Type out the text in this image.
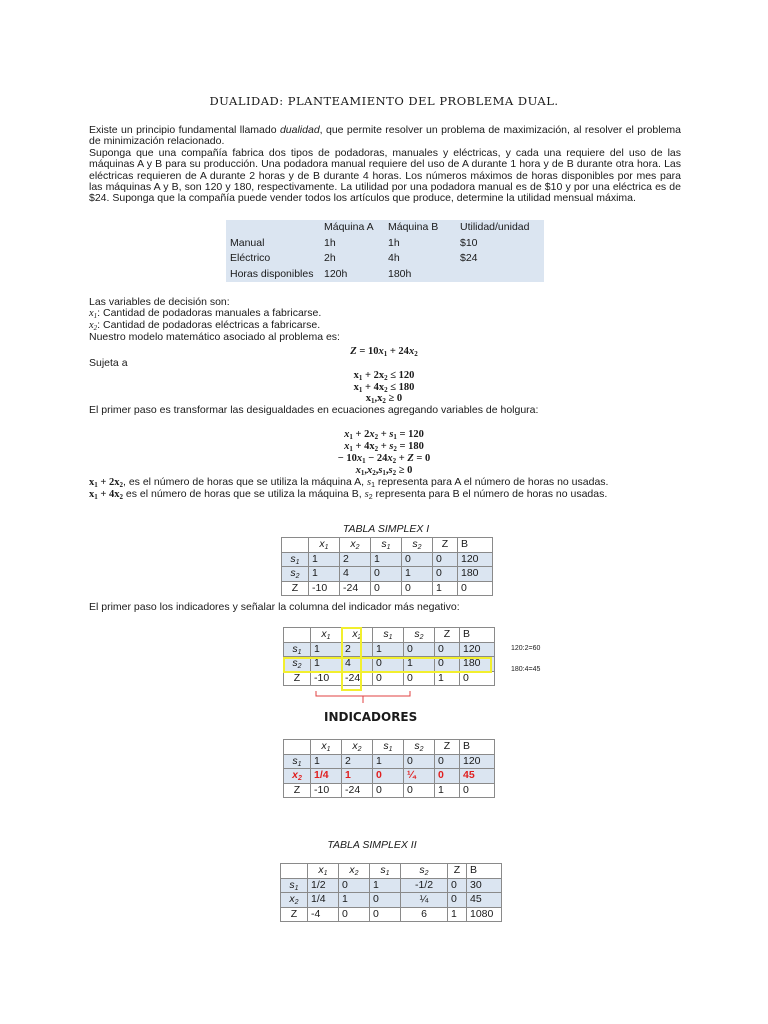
DUALIDAD: PLANTEAMIENTO DEL PROBLEMA DUAL.

Existe un principio fundamental llamado dualidad, que permite resolver un problema de maximización, al resolver el problema de minimización relacionado.

Suponga que una compañía fabrica dos tipos de podadoras, manuales y eléctricas, y cada una requiere del uso de las máquinas A y B para su producción. Una podadora manual requiere del uso de A durante 1 hora y de B durante otra hora. Las eléctricas requieren de A durante 2 horas y de B durante 4 horas. Los números máximos de horas disponibles por mes para las máquinas A y B, son 120 y 180, respectivamente. La utilidad por una podadora manual es de $10 y por una eléctrica es de $24. Suponga que la compañía puede vender todos los artículos que produce, determine la utilidad mensual máxima.

	Máquina A	Máquina B	Utilidad/unidad
Manual	1h	1h	$10
Eléctrico	2h	4h	$24
Horas disponibles	120h	180h	
Las variables de decisión son:
$x_1$: Cantidad de podadoras manuales a fabricarse.
$x_2$: Cantidad de podadoras eléctricas a fabricarse.
Nuestro modelo matemático asociado al problema es:
$Z = 10x_1 + 24x_2$
Sujeta a
$x_1 + 2x_2 \le 120$
$x_1 + 4x_2 \le 180$
$x_1,x_2 \ge 0$
El primer paso es transformar las desigualdades en ecuaciones agregando variables de holgura:
$x_1 + 2x_2 + s_1 = 120$
$x_1 + 4x_2 + s_2 = 180$
− $10x_1 - 24x_2 + Z = 0$
$x_1,x_2,s_1,s_2 \ge 0$
$x_1 + 2x_2$, es el número de horas que se utiliza la máquina A, $s_1$ representa para A el número de horas no usadas.
$x_1 + 4x_2$ es el número de horas que se utiliza la máquina B, $s_2$ representa para B el número de horas no usadas.
TABLA SIMPLEX I
	$x_1$	$x_2$	$s_1$	$s_2$	Z	B
$s_1$	1	2	1	0	0	120
$s_2$	1	4	0	1	0	180
Z	-10	-24	0	0	1	0
El primer paso los indicadores y señalar la columna del indicador más negativo:
	$x_1$	$x_2$	$s_1$	$s_2$	Z	B
$s_1$	1	2	1	0	0	120
$s_2$	1	4	0	1	0	180
Z	-10	-24	0	0	1	0
120:2=60
180:4=45
INDICADORES
	$x_1$	$x_2$	$s_1$	$s_2$	Z	B
$s_1$	1	2	1	0	0	120
$x_2$	1/4	1	0	¼	0	45
Z	-10	-24	0	0	1	0
TABLA SIMPLEX II
	$x_1$	$x_2$	$s_1$	$s_2$	Z	B
$s_1$	1/2	0	1	-1/2	0	30
$x_2$	1/4	1	0	¼	0	45
Z	-4	0	0	6	1	1080
